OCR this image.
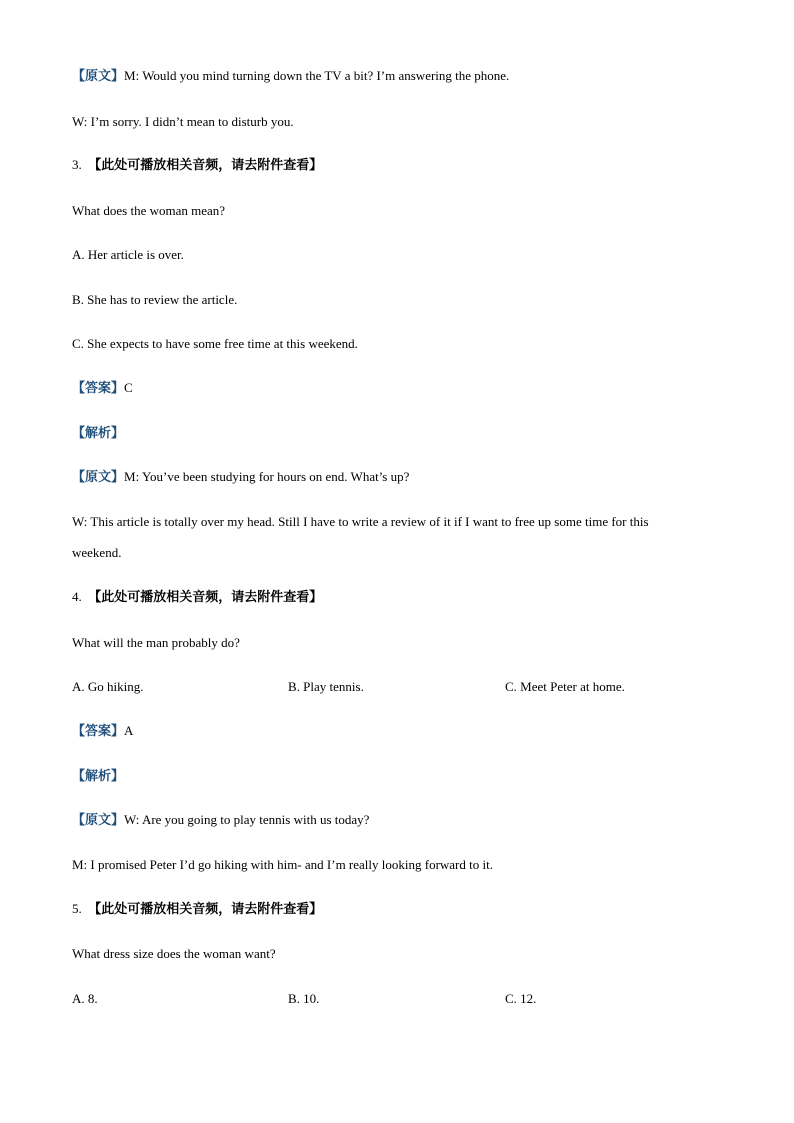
【原文】M: Would you mind turning down the TV a bit? I’m answering the phone.
W: I’m sorry. I didn’t mean to disturb you.
3. 【此处可播放相关音频，请去附件查看】
What does the woman mean?
A. Her article is over.
B. She has to review the article.
C. She expects to have some free time at this weekend.
【答案】C
【解析】
【原文】M: You’ve been studying for hours on end. What’s up?
W: This article is totally over my head. Still I have to write a review of it if I want to free up some time for this
weekend.
4. 【此处可播放相关音频，请去附件查看】
What will the man probably do?
A. Go hiking.	B. Play tennis.	C. Meet Peter at home.
【答案】A
【解析】
【原文】W: Are you going to play tennis with us today?
M: I promised Peter I’d go hiking with him- and I’m really looking forward to it.
5. 【此处可播放相关音频，请去附件查看】
What dress size does the woman want?
A. 8.	B. 10.	C. 12.
